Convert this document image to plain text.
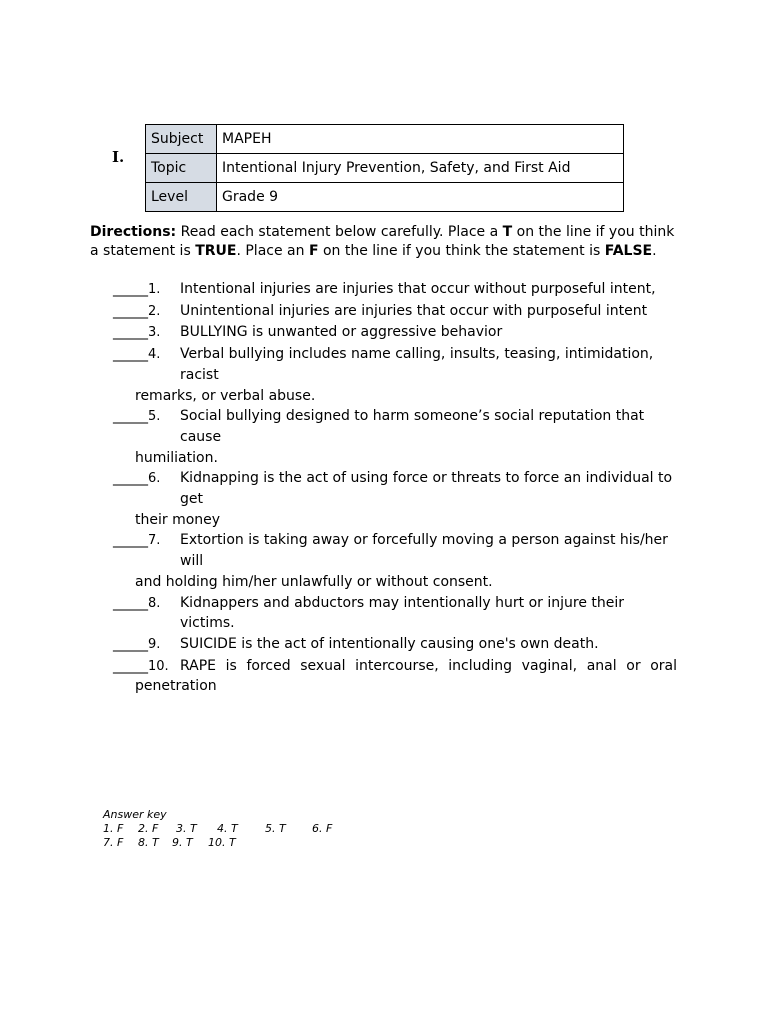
I.
Subject	MAPEH
Topic	Intentional Injury Prevention, Safety, and First Aid
Level	Grade 9
Directions: Read each statement below carefully. Place a T on the line if you think a statement is TRUE. Place an F on the line if you think the statement is FALSE.
_____1.	Intentional injuries are injuries that occur without purposeful intent,
_____2.	Unintentional injuries are injuries that occur with purposeful intent
_____3.	BULLYING is unwanted or aggressive behavior
_____4.	Verbal bullying includes name calling, insults, teasing, intimidation, racist
remarks, or verbal abuse.
_____5.	Social bullying designed to harm someone’s social reputation that cause
humiliation.
_____6.	Kidnapping is the act of using force or threats to force an individual to get
their money
_____7.	Extortion is taking away or forcefully moving a person against his/her will
and holding him/her unlawfully or without consent.
_____8.	Kidnappers and abductors may intentionally hurt or injure their victims.
_____9.	SUICIDE is the act of intentionally causing one's own death.
_____10. RAPE is forced sexual intercourse, including vaginal, anal or oral
penetration
Answer key
1. F 2. F 3. T 4. T 5. T 6. F
7. F 8. T 9. T 10. T
